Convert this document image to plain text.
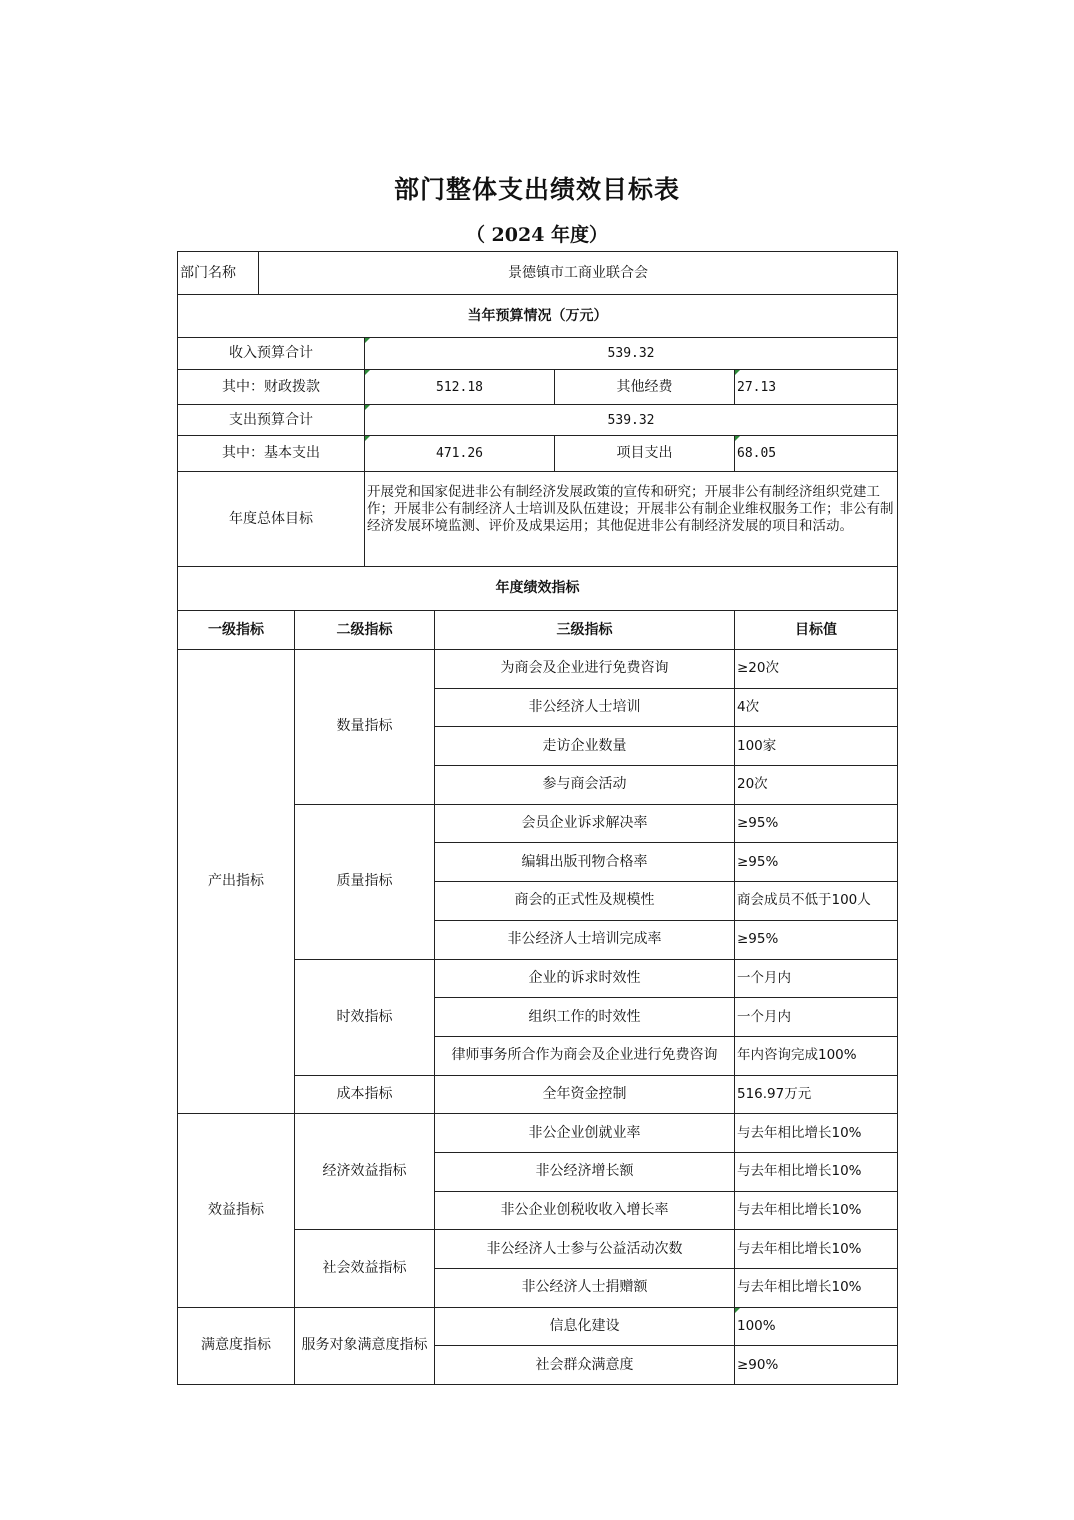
部门整体支出绩效目标表
（ 2024 年度）
部门名称	景德镇市工商业联合会					
当年预算情况（万元）						
收入预算合计			539.32			
其中：财政拨款			512.18		其他经费	27.13
支出预算合计			539.32			
其中：基本支出			471.26		项目支出	68.05
年度总体目标			开展党和国家促进非公有制经济发展政策的宣传和研究；开展非公有制经济组织党建工作；开展非公有制经济人士培训及队伍建设；开展非公有制企业维权服务工作；非公有制经济发展环境监测、评价及成果运用；其他促进非公有制经济发展的项目和活动。			
年度绩效指标						
一级指标		二级指标		三级指标		目标值
产出指标		数量指标		为商会及企业进行免费咨询		≥20次
				非公经济人士培训		4次
				走访企业数量		100家
				参与商会活动		20次
		质量指标		会员企业诉求解决率		≥95%
				编辑出版刊物合格率		≥95%
				商会的正式性及规模性		商会成员不低于100人
				非公经济人士培训完成率		≥95%
		时效指标		企业的诉求时效性		一个月内
				组织工作的时效性		一个月内
				律师事务所合作为商会及企业进行免费咨询		年内咨询完成100%
		成本指标		全年资金控制		516.97万元
效益指标		经济效益指标		非公企业创就业率		与去年相比增长10%
				非公经济增长额		与去年相比增长10%
				非公企业创税收收入增长率		与去年相比增长10%
		社会效益指标		非公经济人士参与公益活动次数		与去年相比增长10%
				非公经济人士捐赠额		与去年相比增长10%
满意度指标		服务对象满意度指标		信息化建设		100%
				社会群众满意度		≥90%
